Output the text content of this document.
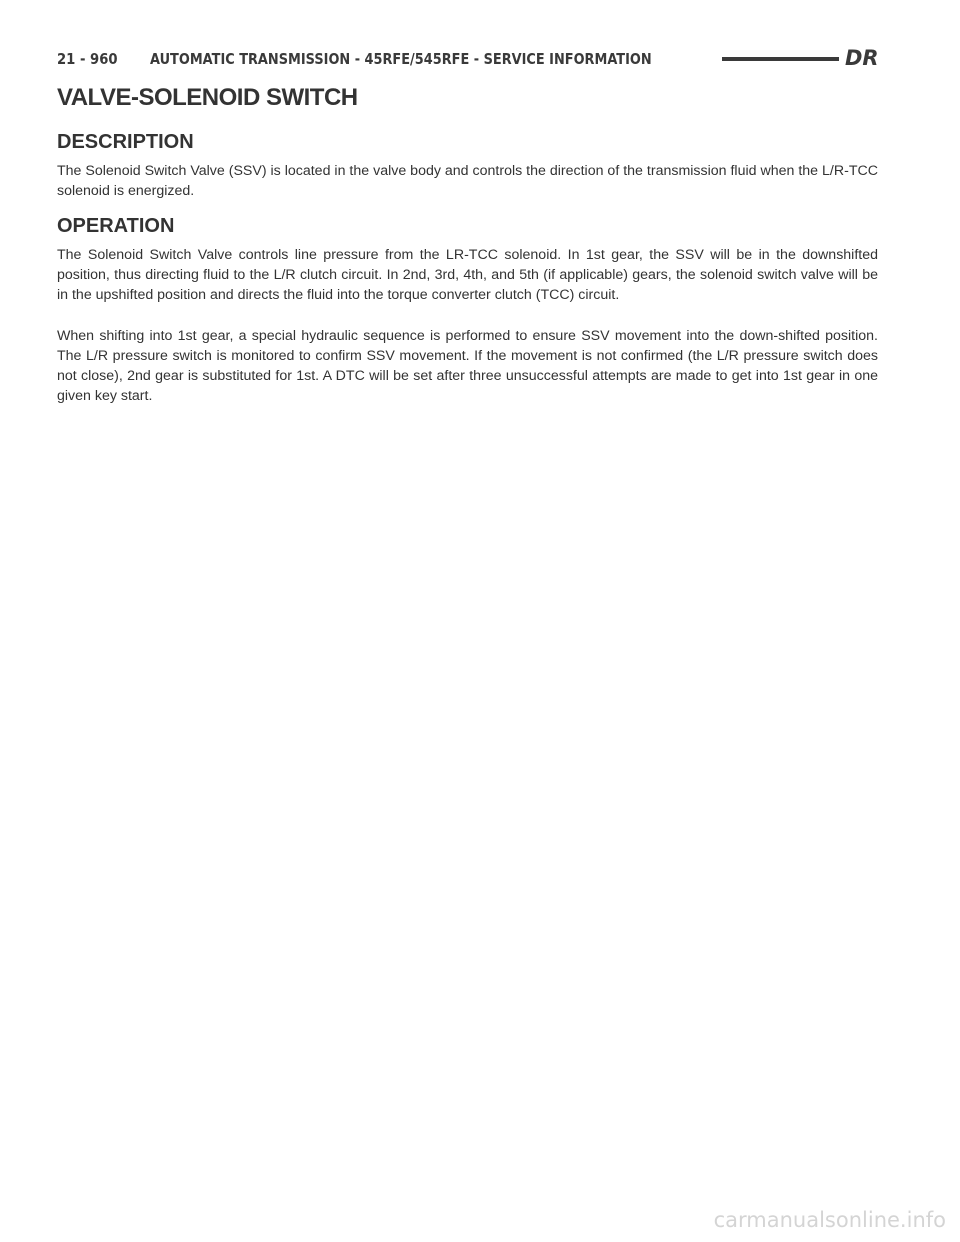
21 - 960	AUTOMATIC TRANSMISSION - 45RFE/545RFE - SERVICE INFORMATION	DR
VALVE-SOLENOID SWITCH
DESCRIPTION

The Solenoid Switch Valve (SSV) is located in the valve body and controls the direction of the transmission fluid when the L/R-TCC solenoid is energized.

OPERATION

The Solenoid Switch Valve controls line pressure from the LR-TCC solenoid. In 1st gear, the SSV will be in the downshifted position, thus directing fluid to the L/R clutch circuit. In 2nd, 3rd, 4th, and 5th (if applicable) gears, the solenoid switch valve will be in the upshifted position and directs the fluid into the torque converter clutch (TCC) circuit.

When shifting into 1st gear, a special hydraulic sequence is performed to ensure SSV movement into the down-shifted position. The L/R pressure switch is monitored to confirm SSV movement. If the movement is not confirmed (the L/R pressure switch does not close), 2nd gear is substituted for 1st. A DTC will be set after three unsuccessful attempts are made to get into 1st gear in one given key start.

carmanualsonline.info
